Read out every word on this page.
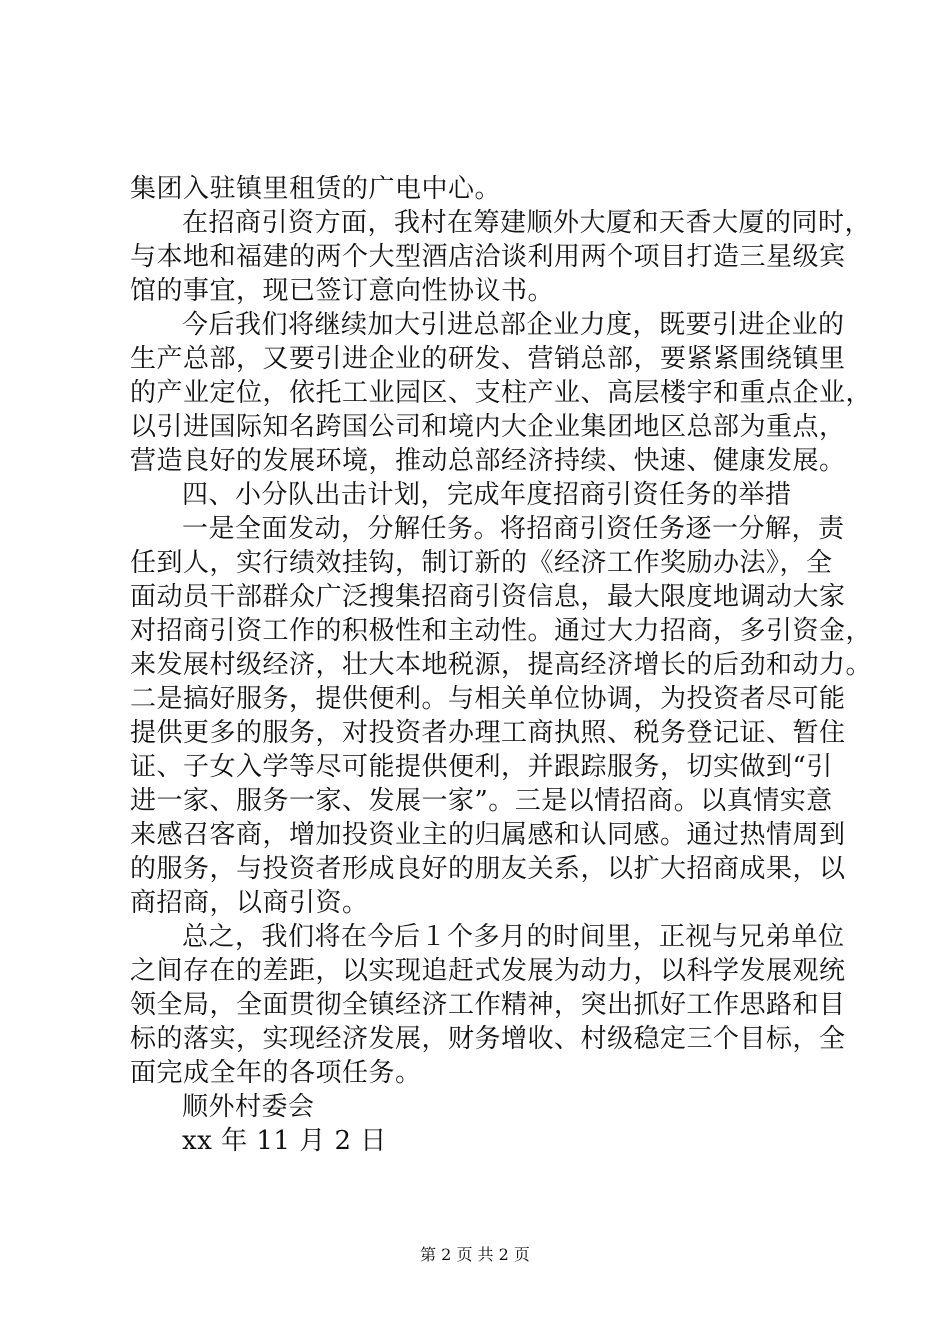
集团入驻镇里租赁的广电中心。
在招商引资方面，我村在筹建顺外大厦和天香大厦的同时，
与本地和福建的两个大型酒店洽谈利用两个项目打造三星级宾
馆的事宜，现已签订意向性协议书。
今后我们将继续加大引进总部企业力度，既要引进企业的
生产总部，又要引进企业的研发、营销总部，要紧紧围绕镇里
的产业定位，依托工业园区、支柱产业、高层楼宇和重点企业，
以引进国际知名跨国公司和境内大企业集团地区总部为重点，
营造良好的发展环境，推动总部经济持续、快速、健康发展。
四、小分队出击计划，完成年度招商引资任务的举措
一是全面发动，分解任务。将招商引资任务逐一分解，责
任到人，实行绩效挂钩，制订新的《经济工作奖励办法》，全
面动员干部群众广泛搜集招商引资信息，最大限度地调动大家
对招商引资工作的积极性和主动性。通过大力招商，多引资金，
来发展村级经济，壮大本地税源，提高经济增长的后劲和动力。
二是搞好服务，提供便利。与相关单位协调，为投资者尽可能
提供更多的服务，对投资者办理工商执照、税务登记证、暂住
证、子女入学等尽可能提供便利，并跟踪服务，切实做到“引
进一家、服务一家、发展一家”。三是以情招商。以真情实意
来感召客商，增加投资业主的归属感和认同感。通过热情周到
的服务，与投资者形成良好的朋友关系，以扩大招商成果，以
商招商，以商引资。
总之，我们将在今后１个多月的时间里，正视与兄弟单位
之间存在的差距，以实现追赶式发展为动力，以科学发展观统
领全局，全面贯彻全镇经济工作精神，突出抓好工作思路和目
标的落实，实现经济发展，财务增收、村级稳定三个目标，全
面完成全年的各项任务。
顺外村委会
xx 年 11 月 2 日
第 2 页 共 2 页
